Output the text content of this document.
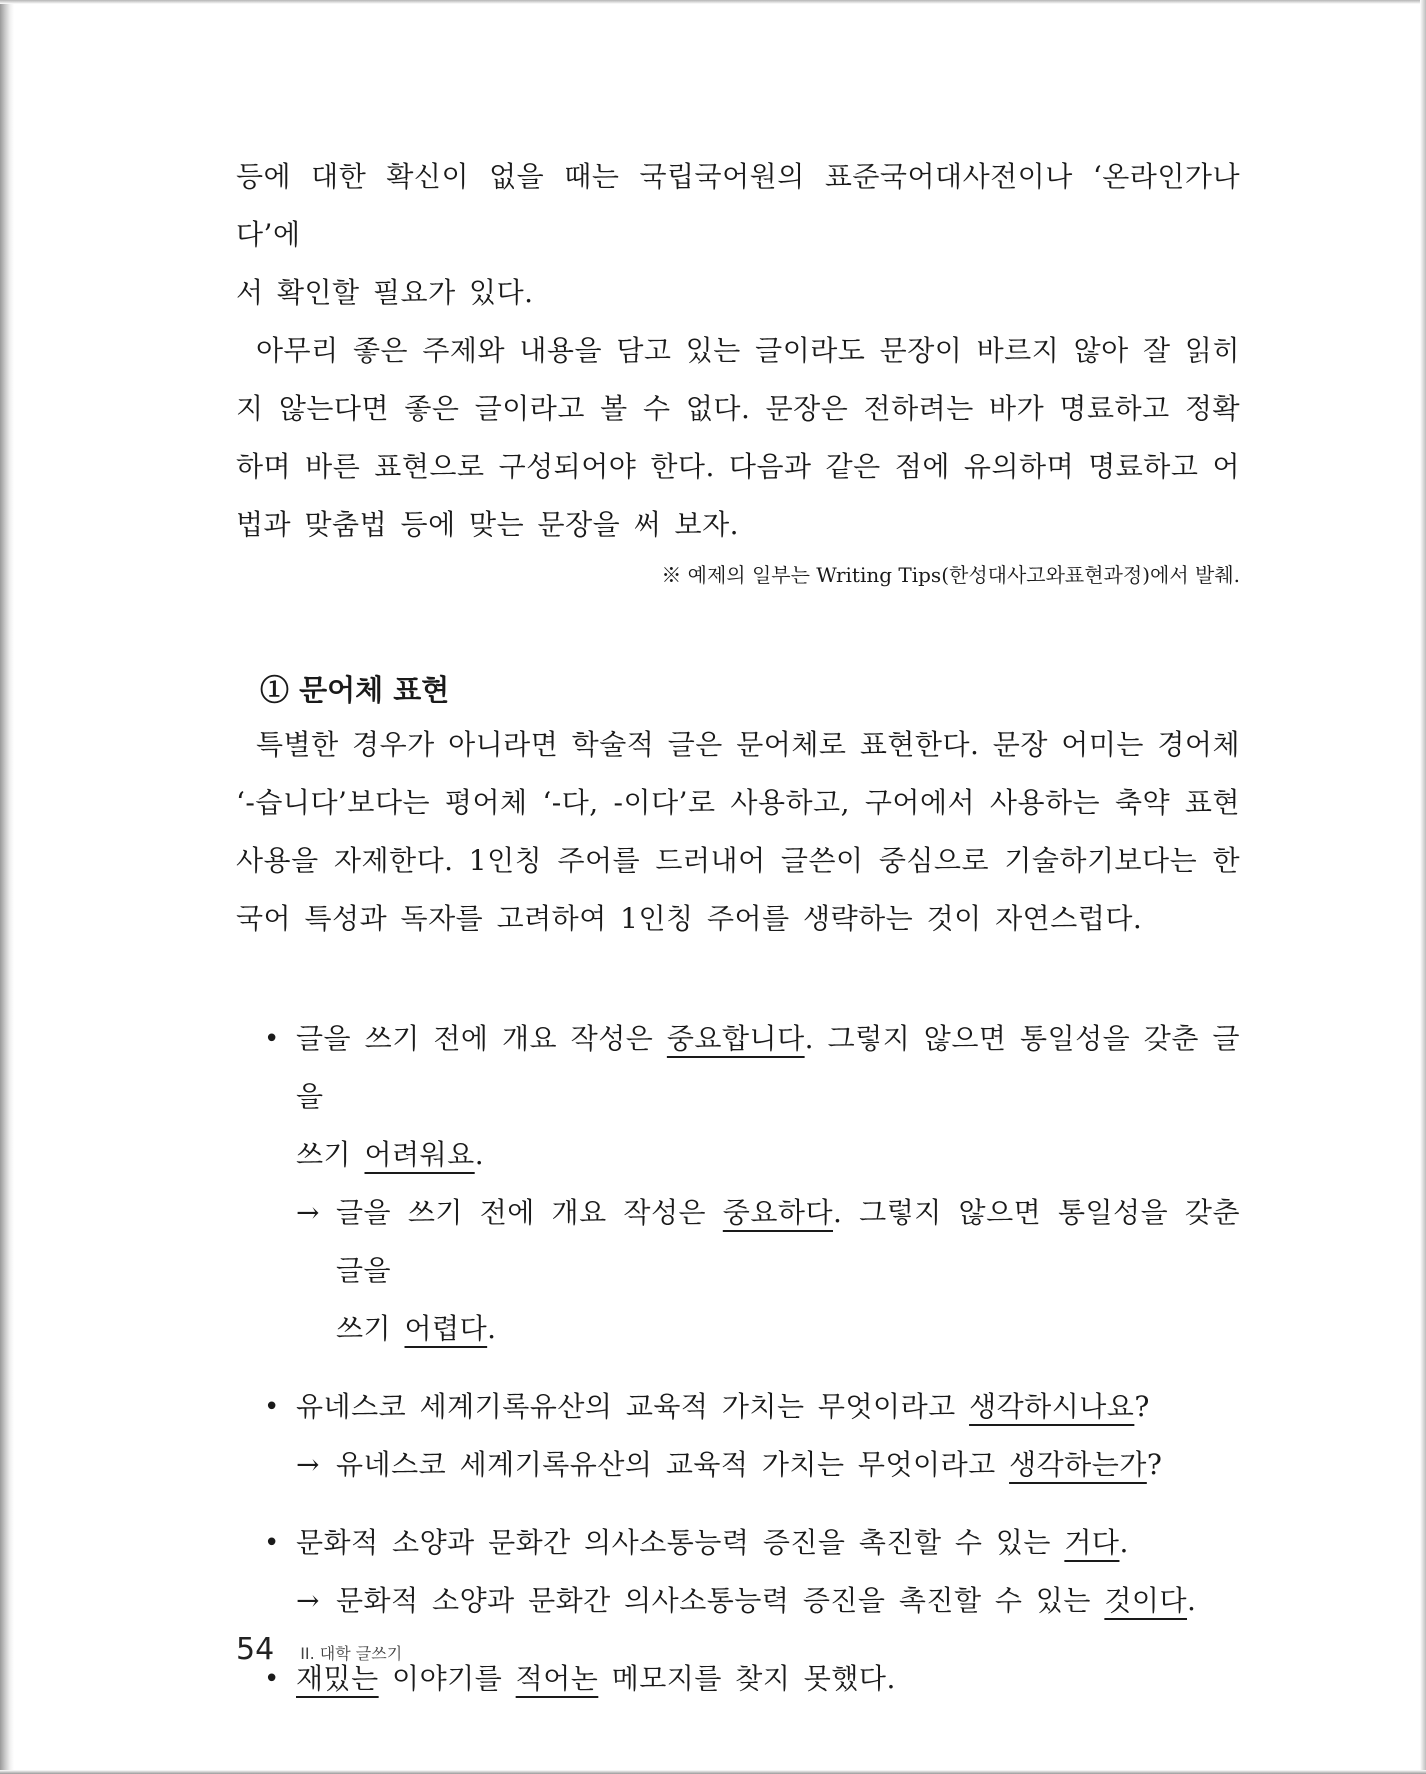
등에 대한 확신이 없을 때는 국립국어원의 표준국어대사전이나 ‘온라인가나다’에

서 확인할 필요가 있다.

아무리 좋은 주제와 내용을 담고 있는 글이라도 문장이 바르지 않아 잘 읽히지 않는다면 좋은 글이라고 볼 수 없다. 문장은 전하려는 바가 명료하고 정확하며 바른 표현으로 구성되어야 한다. 다음과 같은 점에 유의하며 명료하고 어법과 맞춤법 등에 맞는 문장을 써 보자.

※ 예제의 일부는 Writing Tips(한성대사고와표현과정)에서 발췌.

① 문어체 표현

특별한 경우가 아니라면 학술적 글은 문어체로 표현한다. 문장 어미는 경어체 ‘-습니다’보다는 평어체 ‘-다, -이다’로 사용하고, 구어에서 사용하는 축약 표현 사용을 자제한다. 1인칭 주어를 드러내어 글쓴이 중심으로 기술하기보다는 한국어 특성과 독자를 고려하여 1인칭 주어를 생략하는 것이 자연스럽다.

• 글을 쓰기 전에 개요 작성은 중요합니다. 그렇지 않으면 통일성을 갖춘 글을

쓰기 어려워요.

→ 글을 쓰기 전에 개요 작성은 중요하다. 그렇지 않으면 통일성을 갖춘 글을

쓰기 어렵다.

• 유네스코 세계기록유산의 교육적 가치는 무엇이라고 생각하시나요?

→ 유네스코 세계기록유산의 교육적 가치는 무엇이라고 생각하는가?

• 문화적 소양과 문화간 의사소통능력 증진을 촉진할 수 있는 거다.

→ 문화적 소양과 문화간 의사소통능력 증진을 촉진할 수 있는 것이다.

• 재밌는 이야기를 적어논 메모지를 찾지 못했다.

54 II. 대학 글쓰기
